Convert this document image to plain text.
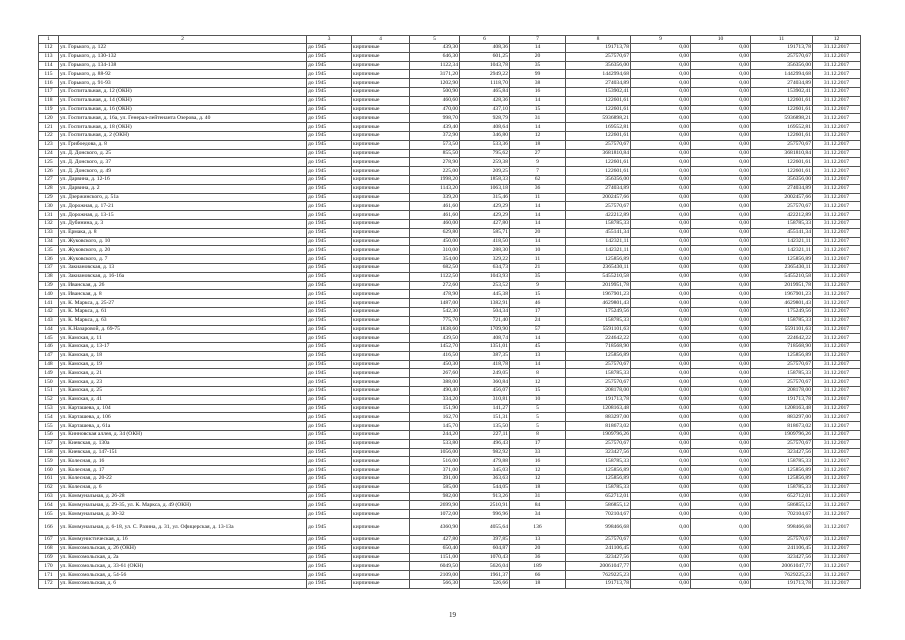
1	2	3	4	5	6	7	8	9	10	11	12
112	ул. Горького, д. 122	до 1945	кирпичные	439,30	408,36	14	191713,78	0,00	0,00	191713,78	31.12.2017
113	ул. Горького, д. 130-132	до 1945	кирпичные	646,30	601,25	20	257570,67	0,00	0,00	257570,67	31.12.2017
114	ул. Горького, д. 134-138	до 1945	кирпичные	1122,34	1043,78	35	356356,00	0,00	0,00	356356,00	31.12.2017
115	ул. Горького, д. 88-92	до 1945	кирпичные	3171,20	2949,22	99	1442994,68	0,00	0,00	1442994,68	31.12.2017
116	ул. Горького, д. 91-93	до 1945	кирпичные	1202,90	1118,70	38	274034,89	0,00	0,00	274034,89	31.12.2017
117	ул. Госпитальная, д. 12 (ОКН)	до 1945	кирпичные	500,90	465,84	16	153902,41	0,00	0,00	153902,41	31.12.2017
118	ул. Госпитальная, д. 14 (ОКН)	до 1945	кирпичные	460,60	428,36	14	122601,61	0,00	0,00	122601,61	31.12.2017
119	ул. Госпитальная, д. 16 (ОКН)	до 1945	кирпичные	470,00	437,10	15	122601,61	0,00	0,00	122601,61	31.12.2017
120	ул. Госпитальная, д. 16а, ул. Генерал-лейтенанта Озерова, д. 40	до 1945	кирпичные	998,70	928,79	31	5936898,21	0,00	0,00	5936898,21	31.12.2017
121	ул. Госпитальная, д. 18 (ОКН)	до 1945	кирпичные	439,40	408,64	14	169552,81	0,00	0,00	169552,81	31.12.2017
122	ул. Госпитальная, д. 2 (ОКН)	до 1945	кирпичные	372,90	346,80	12	122601,61	0,00	0,00	122601,61	31.12.2017
123	ул. Грибоедова, д. 8	до 1945	кирпичные	573,50	533,36	18	257570,67	0,00	0,00	257570,67	31.12.2017
124	ул. Д. Донского, д. 25	до 1945	кирпичные	855,50	795,62	27	3681810,84	0,00	0,00	3681810,84	31.12.2017
125	ул. Д. Донского, д. 37	до 1945	кирпичные	278,90	259,38	9	122601,61	0,00	0,00	122601,61	31.12.2017
126	ул. Д. Донского, д. 49	до 1945	кирпичные	225,00	209,25	7	122601,61	0,00	0,00	122601,61	31.12.2017
127	ул. Дарвина, д. 12-16	до 1945	кирпичные	1998,20	1858,33	62	356356,00	0,00	0,00	356356,00	31.12.2017
128	ул. Дарвина, д. 2	до 1945	кирпичные	1143,20	1063,18	36	274034,89	0,00	0,00	274034,89	31.12.2017
129	ул. Дзержинского, д. 51а	до 1945	кирпичные	339,20	315,46	11	2002457,66	0,00	0,00	2002457,66	31.12.2017
130	ул. Дорожная, д. 17-21	до 1945	кирпичные	461,60	429,29	14	257570,67	0,00	0,00	257570,67	31.12.2017
131	ул. Дорожная, д. 13-15	до 1945	кирпичные	461,60	429,29	14	422212,89	0,00	0,00	422212,89	31.12.2017
132	ул. Дубинина, д. 3	до 1945	кирпичные	460,00	427,80	14	158785,33	0,00	0,00	158785,33	31.12.2017
133	ул. Ермака, д. 8	до 1945	кирпичные	629,80	585,71	20	455141,34	0,00	0,00	455141,34	31.12.2017
134	ул. Жуковского, д. 10	до 1945	кирпичные	450,00	418,50	14	142321,11	0,00	0,00	142321,11	31.12.2017
135	ул. Жуковского, д. 20	до 1945	кирпичные	310,00	288,30	10	142321,11	0,00	0,00	142321,11	31.12.2017
136	ул. Жуковского, д. 7	до 1945	кирпичные	354,00	329,22	11	125856,89	0,00	0,00	125856,89	31.12.2017
137	ул. Закиановская, д. 13	до 1945	кирпичные	682,50	634,73	21	2365430,11	0,00	0,00	2365430,11	31.12.2017
138	ул. Закиановская, д. 16-16а	до 1945	кирпичные	1122,50	1043,93	35	5455210,58	0,00	0,00	5455210,58	31.12.2017
139	ул. Иванская, д. 26	до 1945	кирпичные	272,60	253,52	9	2019951,78	0,00	0,00	2019951,78	31.12.2017
140	ул. Иванская, д. 8	до 1945	кирпичные	478,90	445,38	15	1967901,23	0,00	0,00	1967901,23	31.12.2017
141	ул. К. Маркса, д. 25-27	до 1945	кирпичные	1487,00	1382,91	46	4629801,43	0,00	0,00	4629801,43	31.12.2017
142	ул. К. Маркса, д. 61	до 1945	кирпичные	542,30	504,34	17	175249,56	0,00	0,00	175249,56	31.12.2017
143	ул. К. Маркса, д. 63	до 1945	кирпичные	775,70	721,40	24	158785,33	0,00	0,00	158785,33	31.12.2017
144	ул. К.Назаровой, д. 69-75	до 1945	кирпичные	1838,60	1709,90	57	5591101,63	0,00	0,00	5591101,63	31.12.2017
145	ул. Камская, д. 11	до 1945	кирпичные	439,50	408,74	14	224642,22	0,00	0,00	224642,22	31.12.2017
146	ул. Камская, д. 13-17	до 1945	кирпичные	1452,70	1351,01	45	718568,90	0,00	0,00	718568,90	31.12.2017
147	ул. Камская, д. 18	до 1945	кирпичные	416,50	387,35	13	125856,89	0,00	0,00	125856,89	31.12.2017
148	ул. Камская, д. 19	до 1945	кирпичные	450,30	418,78	14	257570,67	0,00	0,00	257570,67	31.12.2017
149	ул. Камская, д. 21	до 1945	кирпичные	267,60	249,05	8	158785,33	0,00	0,00	158785,33	31.12.2017
150	ул. Камская, д. 23	до 1945	кирпичные	388,00	360,84	12	257570,67	0,00	0,00	257570,67	31.12.2017
151	ул. Камская, д. 25	до 1945	кирпичные	490,40	456,07	15	208178,00	0,00	0,00	208178,00	31.12.2017
152	ул. Камская, д. 41	до 1945	кирпичные	334,20	310,81	10	191713,78	0,00	0,00	191713,78	31.12.2017
153	ул. Карташева, д. 104	до 1945	кирпичные	151,90	141,27	5	1208163,48	0,00	0,00	1208163,48	31.12.2017
154	ул. Карташева, д. 106	до 1945	кирпичные	162,70	151,31	5	883297,00	0,00	0,00	883297,00	31.12.2017
155	ул. Карташева, д. 61а	до 1945	кирпичные	145,70	135,50	5	818673,02	0,00	0,00	818673,02	31.12.2017
156	ул. Кинновская аллея, д. 34 (ОКН)	до 1945	кирпичные	244,20	227,11	8	1909796,26	0,00	0,00	1909796,26	31.12.2017
157	ул. Киевская, д. 130а	до 1945	кирпичные	533,80	496,43	17	257570,67	0,00	0,00	257570,67	31.12.2017
158	ул. Киевская, д. 147-151	до 1945	кирпичные	1056,00	982,92	33	323427,56	0,00	0,00	323427,56	31.12.2017
159	ул. Колесная, д. 16	до 1945	кирпичные	516,00	479,88	16	158785,33	0,00	0,00	158785,33	31.12.2017
160	ул. Колесная, д. 17	до 1945	кирпичные	371,00	345,03	12	125856,89	0,00	0,00	125856,89	31.12.2017
161	ул. Колесная, д. 20-22	до 1945	кирпичные	391,00	363,63	12	125856,89	0,00	0,00	125856,89	31.12.2017
162	ул. Колесная, д. 6	до 1945	кирпичные	585,00	544,05	18	158785,33	0,00	0,00	158785,33	31.12.2017
163	ул. Коммунальная, д. 26-28	до 1945	кирпичные	982,00	913,26	31	652712,01	0,00	0,00	652712,01	31.12.2017
164	ул. Коммунальная, д. 29-35, ул. К. Маркса, д. 49 (ОКН)	до 1945	кирпичные	2699,90	2510,91	84	586855,12	0,00	0,00	586855,12	31.12.2017
165	ул. Коммунальная, д. 30-32	до 1945	кирпичные	1072,00	996,96	34	702104,67	0,00	0,00	702104,67	31.12.2017
166	ул. Коммунальная, д. 6-18, ул. С. Разина, д. 31, ул. Офицерская, д. 13-13а	до 1945	кирпичные	4360,90	4055,64	136	998466,68	0,00	0,00	998466,68	31.12.2017
167	ул. Коммунистическая, д. 16	до 1945	кирпичные	427,80	397,85	13	257570,67	0,00	0,00	257570,67	31.12.2017
168	ул. Комсомольская, д. 26 (ОКН)	до 1945	кирпичные	650,40	604,87	20	241106,45	0,00	0,00	241106,45	31.12.2017
169	ул. Комсомольская, д. 2а	до 1945	кирпичные	1151,00	1070,43	36	323427,56	0,00	0,00	323427,56	31.12.2017
170	ул. Комсомольская, д. 33-61 (ОКН)	до 1945	кирпичные	6049,50	5626,04	189	20061047,77	0,00	0,00	20061047,77	31.12.2017
171	ул. Комсомольская, д. 54-56	до 1945	кирпичные	2109,00	1961,37	66	7629225,23	0,00	0,00	7629225,23	31.12.2017
172	ул. Комсомольская, д. 6	до 1945	кирпичные	566,30	526,66	18	191713,78	0,00	0,00	191713,78	31.12.2017
19
